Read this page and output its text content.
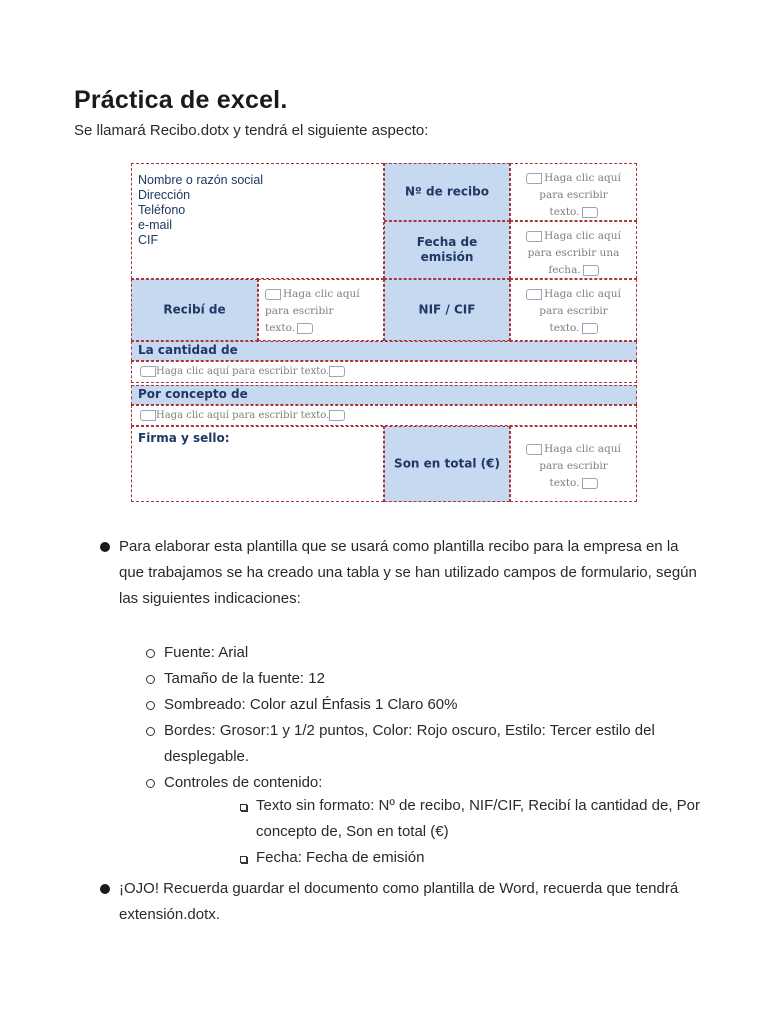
Práctica de excel.
Se llamará Recibo.dotx y tendrá el siguiente aspecto:
Nombre o razón social
Dirección
Teléfono
e-mail
CIF
Nº de recibo
Haga clic aquí
para escribir
texto.
Fecha de
emisión
Haga clic aquí
para escribir una
fecha.
Recibí de
Haga clic aquí
para escribir
texto.
NIF / CIF
Haga clic aquí
para escribir
texto.
La cantidad de
Haga clic aquí para escribir texto.
Por concepto de
Haga clic aquí para escribir texto.
Firma y sello:
Son en total (€)
Haga clic aquí
para escribir
texto.
Para elaborar esta plantilla que se usará como plantilla recibo para la empresa en la que trabajamos se ha creado una tabla y se han utilizado campos de formulario, según las siguientes indicaciones:
Fuente: Arial
Tamaño de la fuente: 12
Sombreado: Color azul Énfasis 1 Claro 60%
Bordes: Grosor:1 y 1/2 puntos, Color: Rojo oscuro, Estilo: Tercer estilo del desplegable.
Controles de contenido:
Texto sin formato: Nº de recibo, NIF/CIF, Recibí la cantidad de, Por concepto de, Son en total (€)
Fecha: Fecha de emisión
¡OJO! Recuerda guardar el documento como plantilla de Word, recuerda que tendrá extensión.dotx.
